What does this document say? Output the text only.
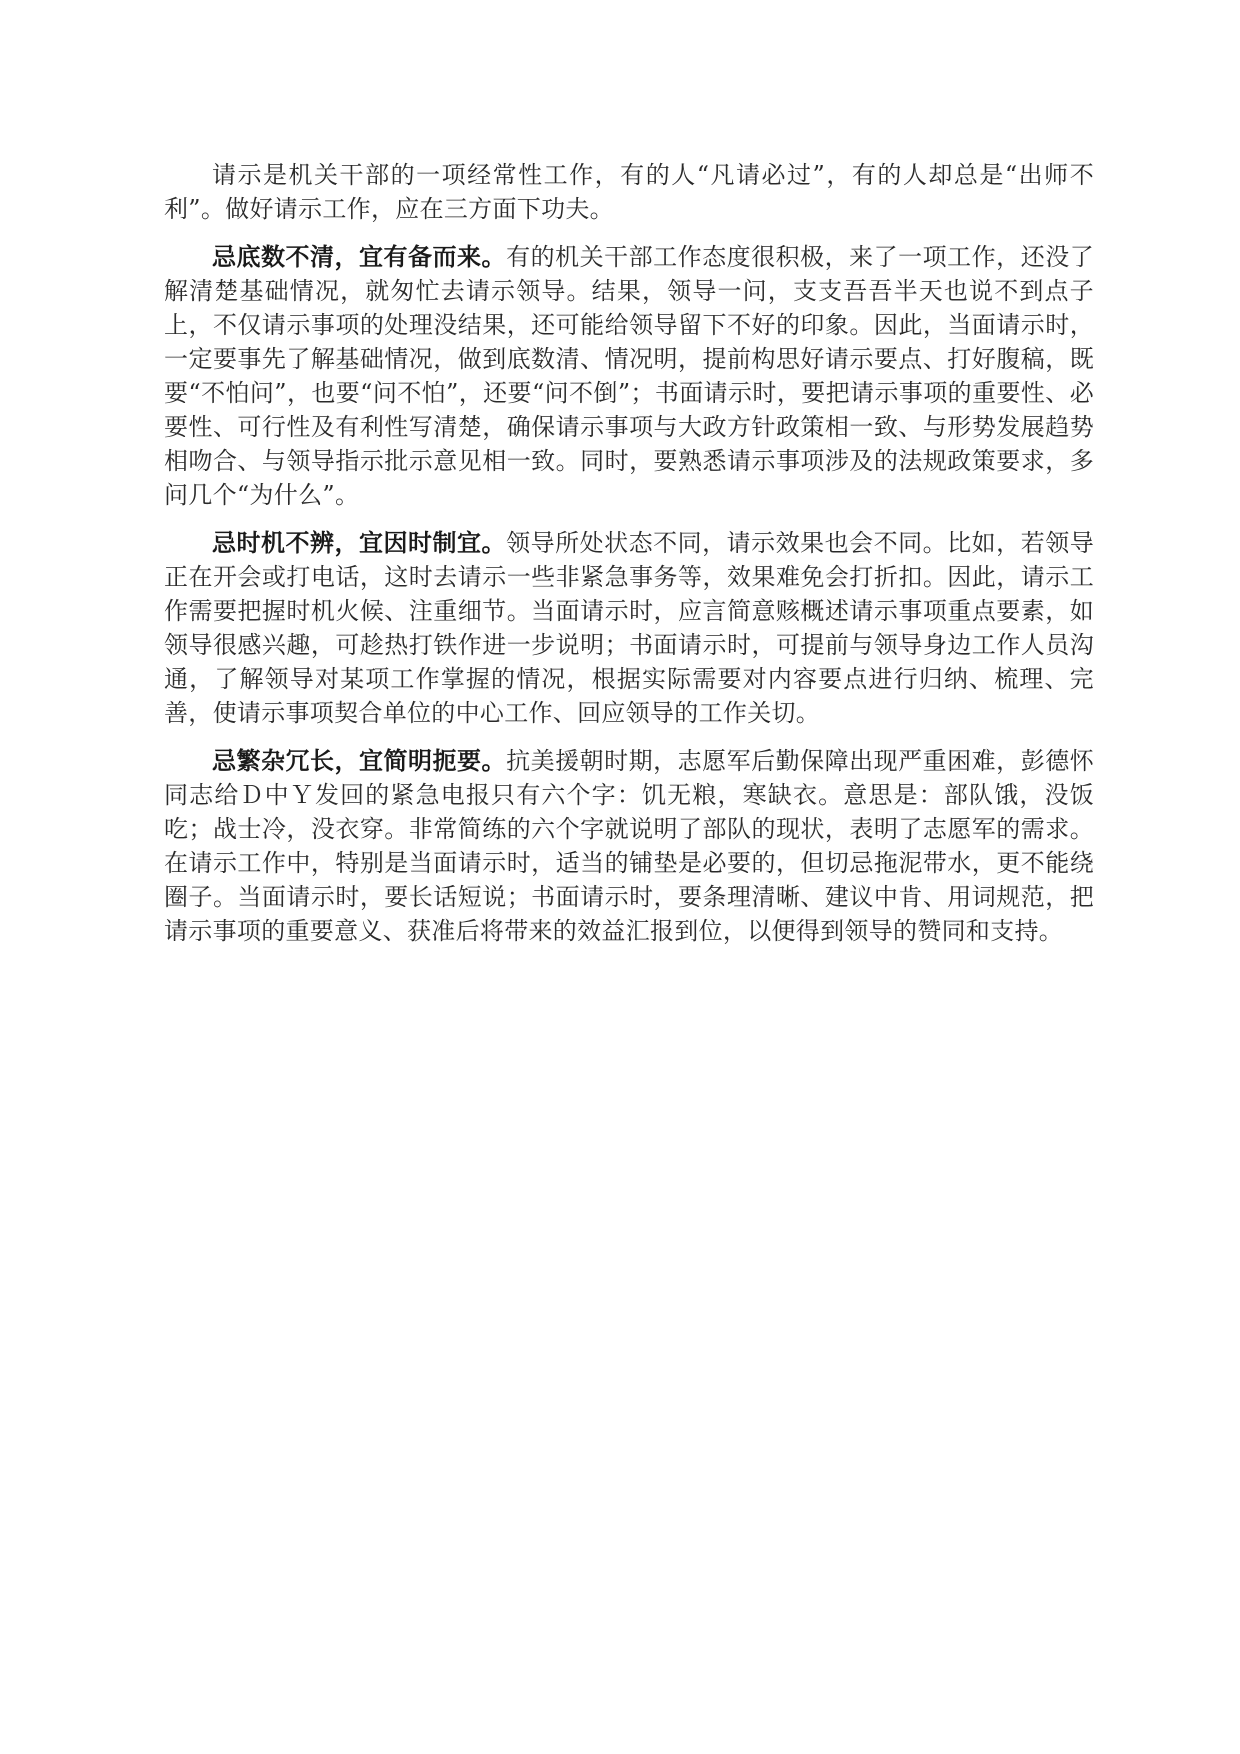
请示是机关干部的一项经常性工作，有的人“凡请必过”，有的人却总是“出师不利”。做好请示工作，应在三方面下功夫。

忌底数不清，宜有备而来。有的机关干部工作态度很积极，来了一项工作，还没了解清楚基础情况，就匆忙去请示领导。结果，领导一问，支支吾吾半天也说不到点子上，不仅请示事项的处理没结果，还可能给领导留下不好的印象。因此，当面请示时，一定要事先了解基础情况，做到底数清、情况明，提前构思好请示要点、打好腹稿，既要“不怕问”，也要“问不怕”，还要“问不倒”；书面请示时，要把请示事项的重要性、必要性、可行性及有利性写清楚，确保请示事项与大政方针政策相一致、与形势发展趋势相吻合、与领导指示批示意见相一致。同时，要熟悉请示事项涉及的法规政策要求，多问几个“为什么”。

忌时机不辨，宜因时制宜。领导所处状态不同，请示效果也会不同。比如，若领导正在开会或打电话，这时去请示一些非紧急事务等，效果难免会打折扣。因此，请示工作需要把握时机火候、注重细节。当面请示时，应言简意赅概述请示事项重点要素，如领导很感兴趣，可趁热打铁作进一步说明；书面请示时，可提前与领导身边工作人员沟通，了解领导对某项工作掌握的情况，根据实际需要对内容要点进行归纳、梳理、完善，使请示事项契合单位的中心工作、回应领导的工作关切。

忌繁杂冗长，宜简明扼要。抗美援朝时期，志愿军后勤保障出现严重困难，彭德怀同志给Ｄ中Ｙ发回的紧急电报只有六个字：饥无粮，寒缺衣。意思是：部队饿，没饭吃；战士冷，没衣穿。非常简练的六个字就说明了部队的现状，表明了志愿军的需求。在请示工作中，特别是当面请示时，适当的铺垫是必要的，但切忌拖泥带水，更不能绕圈子。当面请示时，要长话短说；书面请示时，要条理清晰、建议中肯、用词规范，把请示事项的重要意义、获准后将带来的效益汇报到位，以便得到领导的赞同和支持。
